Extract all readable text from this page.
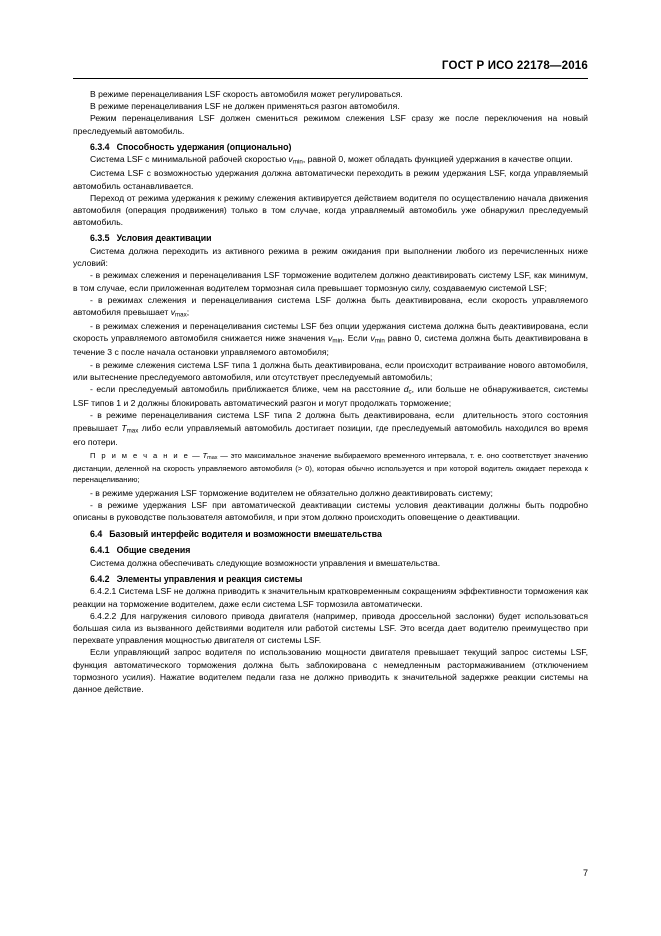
ГОСТ Р ИСО 22178—2016

В режиме перенацеливания LSF скорость автомобиля может регулироваться.

В режиме перенацеливания LSF не должен применяться разгон автомобиля.

Режим перенацеливания LSF должен смениться режимом слежения LSF сразу же после переключения на новый преследуемый автомобиль.

6.3.4 Способность удержания (опционально)

Система LSF с минимальной рабочей скоростью $v_{min}$, равной 0, может обладать функцией удержания в качестве опции.

Система LSF с возможностью удержания должна автоматически переходить в режим удержания LSF, когда управляемый автомобиль останавливается.

Переход от режима удержания к режиму слежения активируется действием водителя по осуществлению начала движения автомобиля (операция продвижения) только в том случае, когда управляемый автомобиль уже обнаружил преследуемый автомобиль.

6.3.5 Условия деактивации

Система должна переходить из активного режима в режим ожидания при выполнении любого из перечисленных ниже условий:

- в режимах слежения и перенацеливания LSF торможение водителем должно деактивировать систему LSF, как минимум, в том случае, если приложенная водителем тормозная сила превышает тормозную силу, создаваемую системой LSF;

- в режимах слежения и перенацеливания система LSF должна быть деактивирована, если скорость управляемого автомобиля превышает $v_{max}$;

- в режимах слежения и перенацеливания системы LSF без опции удержания система должна быть деактивирована, если скорость управляемого автомобиля снижается ниже значения $v_{min}$. Если $v_{min}$ равно 0, система должна быть деактивирована в течение 3 с после начала остановки управляемого автомобиля;

- в режиме слежения система LSF типа 1 должна быть деактивирована, если происходит встраивание нового автомобиля, или вытеснение преследуемого автомобиля, или отсутствует преследуемый автомобиль;

- если преследуемый автомобиль приближается ближе, чем на расстояние $d_c$, или больше не обнаруживается, системы LSF типов 1 и 2 должны блокировать автоматический разгон и могут продолжать торможение;

- в режиме перенацеливания система LSF типа 2 должна быть деактивирована, если  длительность этого состояния превышает $T_{max}$ либо если управляемый автомобиль достигает позиции, где преследуемый автомобиль находился во время его потери.

П р и м е ч а н и е — $T_{max}$ — это максимальное значение выбираемого временного интервала, т. е. оно соответствует значению дистанции, деленной на скорость управляемого автомобиля (> 0), которая обычно используется и при которой водитель ожидает перехода к перенацеливанию;

- в режиме удержания LSF торможение водителем не обязательно должно деактивировать систему;

- в режиме удержания LSF при автоматической деактивации системы условия деактивации должны быть подробно описаны в руководстве пользователя автомобиля, и при этом должно происходить оповещение о деактивации.

6.4 Базовый интерфейс водителя и возможности вмешательства
6.4.1 Общие сведения

Система должна обеспечивать следующие возможности управления и вмешательства.

6.4.2 Элементы управления и реакция системы

6.4.2.1 Система LSF не должна приводить к значительным кратковременным сокращениям эффективности торможения как реакции на торможение водителем, даже если система LSF тормозила автоматически.

6.4.2.2 Для нагружения силового привода двигателя (например, привода дроссельной заслонки) будет использоваться большая сила из вызванного действиями водителя или работой системы LSF. Это всегда дает водителю преимущество при перехвате управления мощностью двигателя от системы LSF.

Если управляющий запрос водителя по использованию мощности двигателя превышает текущий запрос системы LSF, функция автоматического торможения должна быть заблокирована с немедленным растормаживанием (отключением тормозного усилия). Нажатие водителем педали газа не должно приводить к значительной задержке реакции системы на данное действие.

7
